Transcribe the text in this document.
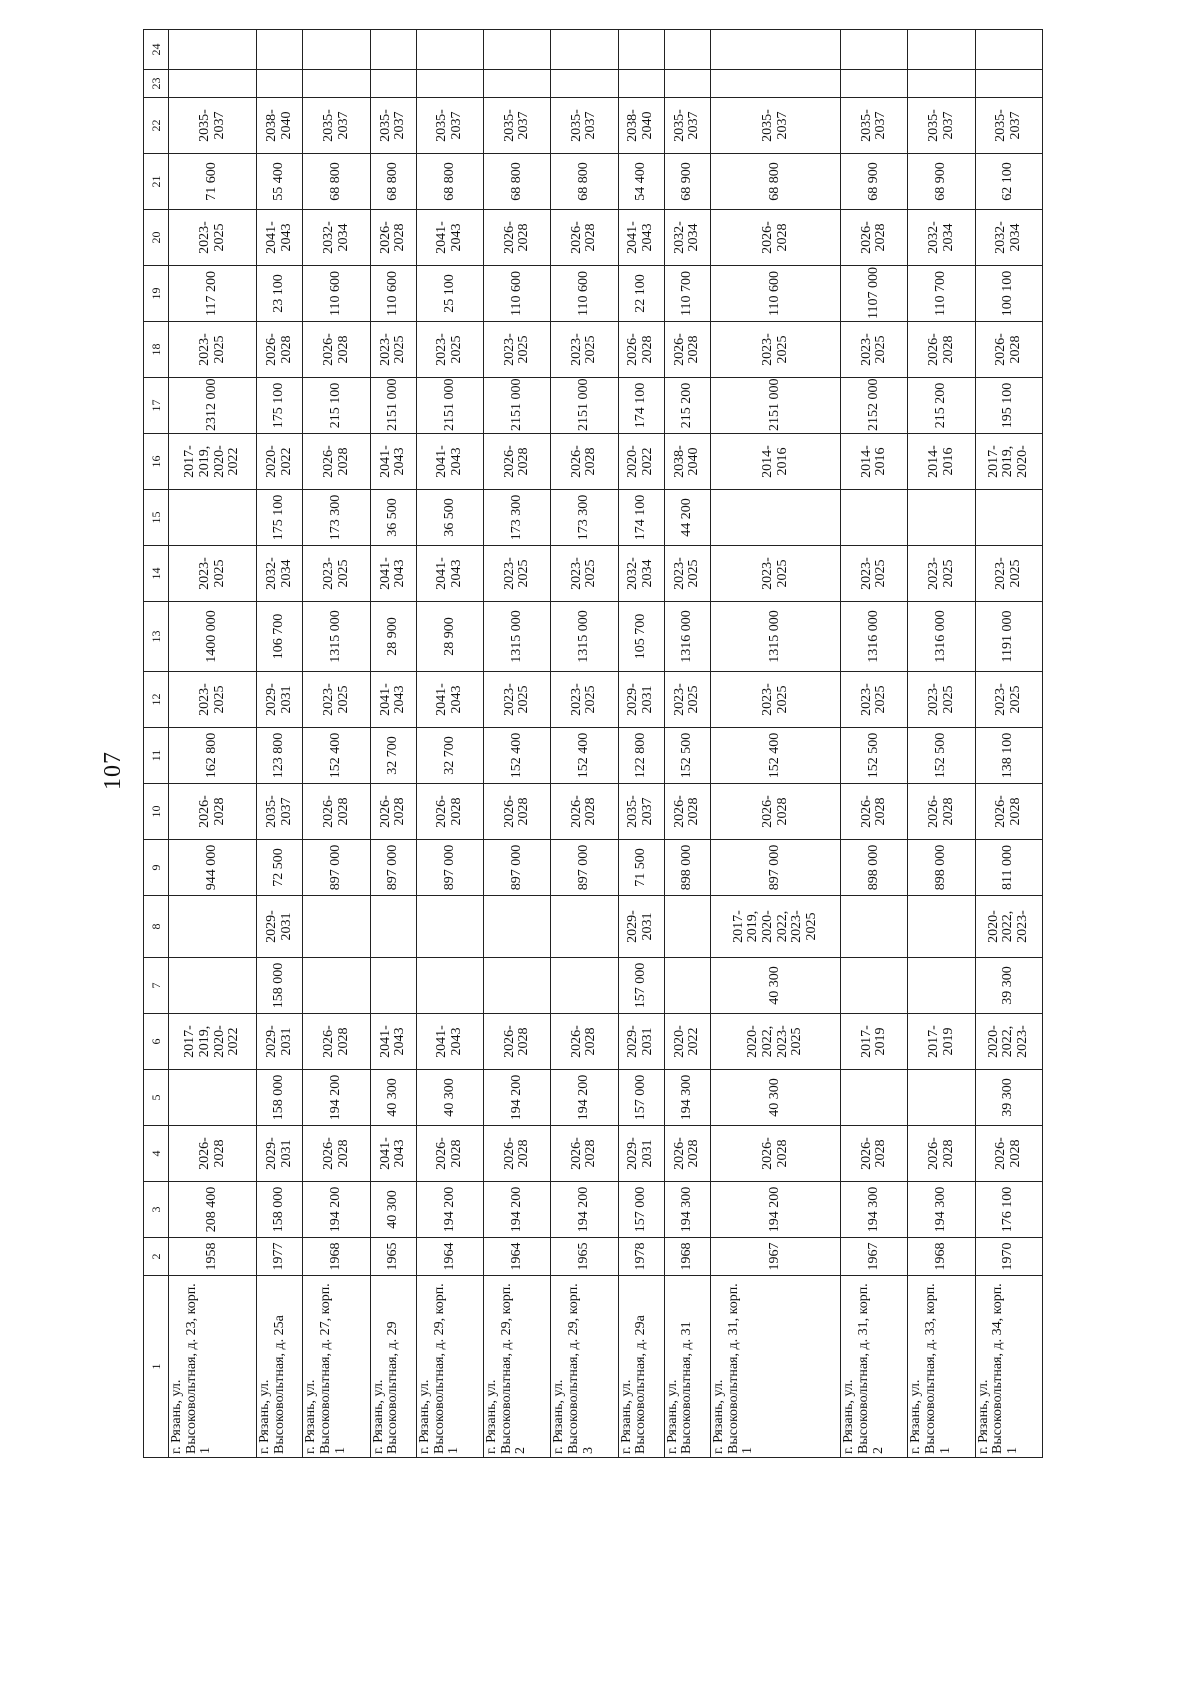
107
1	2	3	4	5	6	7	8	9	10	11	12	13	14	15	16	17	18	19	20	21	22	23	24
г. Рязань, ул. Высоковольтная, д. 23, корп. 1	1958	208 400	2026-2028		2017-2019, 2020-2022			944 000	2026-2028	162 800	2023-2025	1400 000	2023-2025		2017-2019, 2020-2022	2312 000	2023-2025	117 200	2023-2025	71 600	2035-2037		
г. Рязань, ул. Высоковольтная, д. 25а	1977	158 000	2029-2031	158 000	2029-2031	158 000	2029-2031	72 500	2035-2037	123 800	2029-2031	106 700	2032-2034	175 100	2020-2022	175 100	2026-2028	23 100	2041-2043	55 400	2038-2040		
г. Рязань, ул. Высоковольтная, д. 27, корп. 1	1968	194 200	2026-2028	194 200	2026-2028			897 000	2026-2028	152 400	2023-2025	1315 000	2023-2025	173 300	2026-2028	215 100	2026-2028	110 600	2032-2034	68 800	2035-2037		
г. Рязань, ул. Высоковольтная, д. 29	1965	40 300	2041-2043	40 300	2041-2043			897 000	2026-2028	32 700	2041-2043	28 900	2041-2043	36 500	2041-2043	2151 000	2023-2025	110 600	2026-2028	68 800	2035-2037		
г. Рязань, ул. Высоковольтная, д. 29, корп. 1	1964	194 200	2026-2028	40 300	2041-2043			897 000	2026-2028	32 700	2041-2043	28 900	2041-2043	36 500	2041-2043	2151 000	2023-2025	25 100	2041-2043	68 800	2035-2037		
г. Рязань, ул. Высоковольтная, д. 29, корп. 2	1964	194 200	2026-2028	194 200	2026-2028			897 000	2026-2028	152 400	2023-2025	1315 000	2023-2025	173 300	2026-2028	2151 000	2023-2025	110 600	2026-2028	68 800	2035-2037		
г. Рязань, ул. Высоковольтная, д. 29, корп. 3	1965	194 200	2026-2028	194 200	2026-2028			897 000	2026-2028	152 400	2023-2025	1315 000	2023-2025	173 300	2026-2028	2151 000	2023-2025	110 600	2026-2028	68 800	2035-2037		
г. Рязань, ул. Высоковольтная, д. 29а	1978	157 000	2029-2031	157 000	2029-2031	157 000	2029-2031	71 500	2035-2037	122 800	2029-2031	105 700	2032-2034	174 100	2020-2022	174 100	2026-2028	22 100	2041-2043	54 400	2038-2040		
г. Рязань, ул. Высоковольтная, д. 31	1968	194 300	2026-2028	194 300	2020-2022			898 000	2026-2028	152 500	2023-2025	1316 000	2023-2025	44 200	2038-2040	215 200	2026-2028	110 700	2032-2034	68 900	2035-2037		
г. Рязань, ул. Высоковольтная, д. 31, корп. 1	1967	194 200	2026-2028	40 300	2020-2022, 2023-2025	40 300	2017-2019, 2020-2022, 2023-2025	897 000	2026-2028	152 400	2023-2025	1315 000	2023-2025		2014-2016	2151 000	2023-2025	110 600	2026-2028	68 800	2035-2037		
г. Рязань, ул. Высоковольтная, д. 31, корп. 2	1967	194 300	2026-2028		2017-2019			898 000	2026-2028	152 500	2023-2025	1316 000	2023-2025		2014-2016	2152 000	2023-2025	1107 000	2026-2028	68 900	2035-2037		
г. Рязань, ул. Высоковольтная, д. 33, корп. 1	1968	194 300	2026-2028		2017-2019			898 000	2026-2028	152 500	2023-2025	1316 000	2023-2025		2014-2016	215 200	2026-2028	110 700	2032-2034	68 900	2035-2037		
г. Рязань, ул. Высоковольтная, д. 34, корп. 1	1970	176 100	2026-2028	39 300	2020-2022, 2023-	39 300	2020-2022, 2023-	811 000	2026-2028	138 100	2023-2025	1191 000	2023-2025		2017-2019, 2020-	195 100	2026-2028	100 100	2032-2034	62 100	2035-2037		
